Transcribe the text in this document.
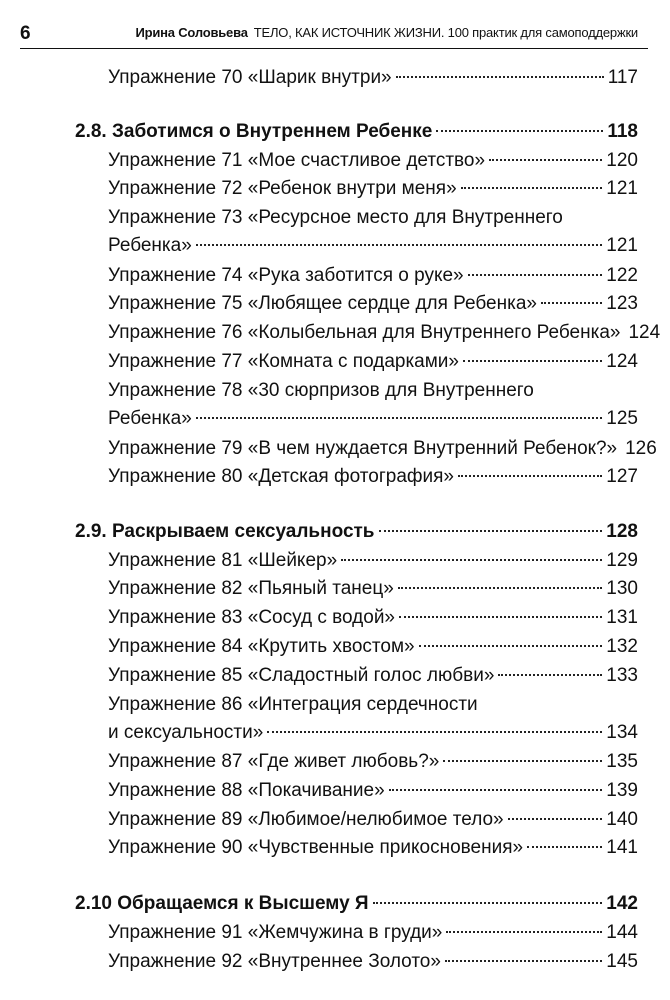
6	Ирина Соловьева ТЕЛО, КАК ИСТОЧНИК ЖИЗНИ. 100 практик для самоподдержки
Упражнение 70 «Шарик внутри»	117
2.8. Заботимся о Внутреннем Ребенке	118
Упражнение 71 «Мое счастливое детство»	120
Упражнение 72 «Ребенок внутри меня»	121
Упражнение 73 «Ресурсное место для Внутреннего
Ребенка»	121
Упражнение 74 «Рука заботится о руке»	122
Упражнение 75 «Любящее сердце для Ребенка»	123
Упражнение 76 «Колыбельная для Внутреннего Ребенка» 124
Упражнение 77 «Комната с подарками»	124
Упражнение 78 «30 сюрпризов для Внутреннего
Ребенка»	125
Упражнение 79 «В чем нуждается Внутренний Ребенок?» 126
Упражнение 80 «Детская фотография»	127
2.9. Раскрываем сексуальность	128
Упражнение 81 «Шейкер»	129
Упражнение 82 «Пьяный танец»	130
Упражнение 83 «Сосуд с водой»	131
Упражнение 84 «Крутить хвостом»	132
Упражнение 85 «Сладостный голос любви»	133
Упражнение 86 «Интеграция сердечности
и сексуальности»	134
Упражнение 87 «Где живет любовь?»	135
Упражнение 88 «Покачивание»	139
Упражнение 89 «Любимое/нелюбимое тело»	140
Упражнение 90 «Чувственные прикосновения»	141
2.10 Обращаемся к Высшему Я	142
Упражнение 91 «Жемчужина в груди»	144
Упражнение 92 «Внутреннее Золото»	145
